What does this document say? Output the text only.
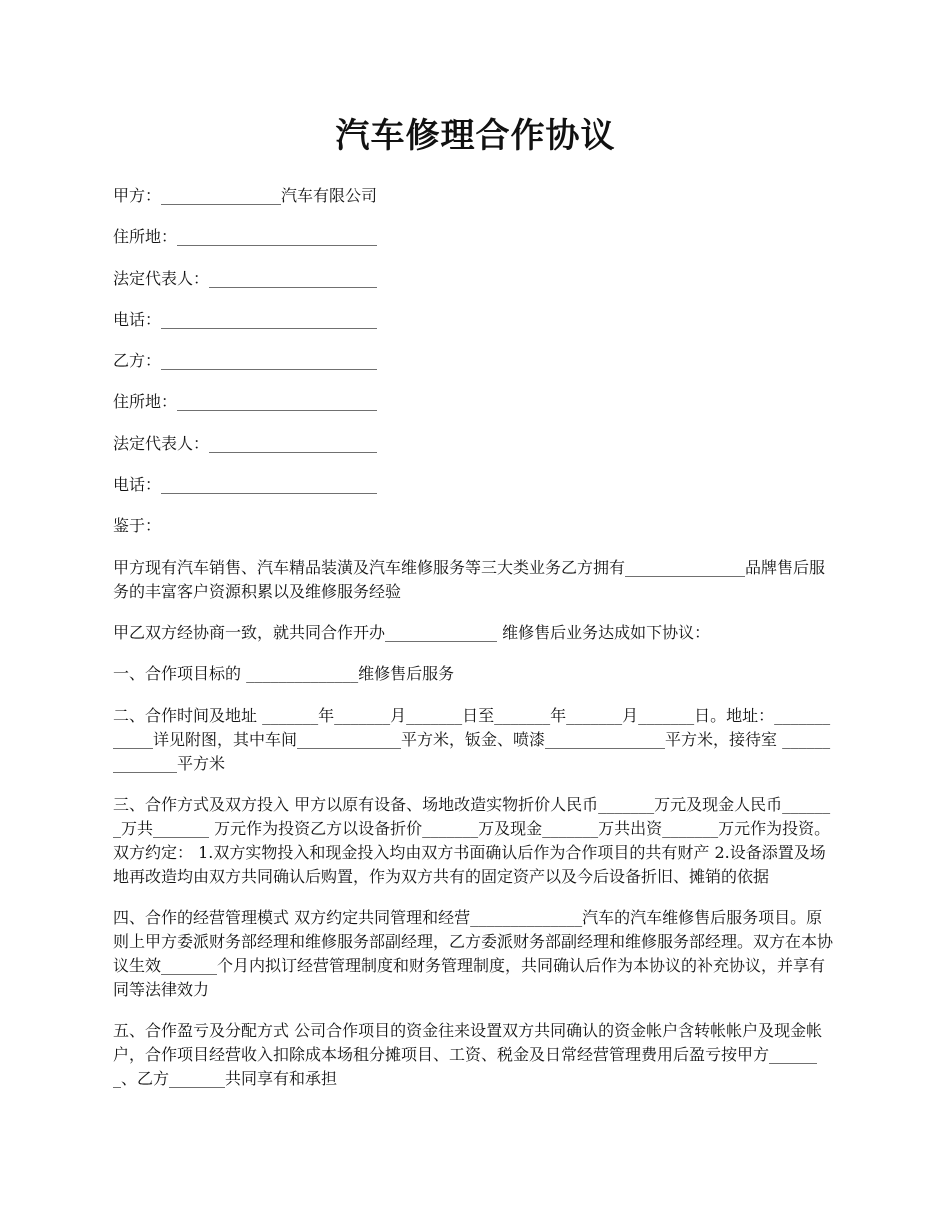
汽车修理合作协议

甲方：_______________汽车有限公司

住所地：_________________________

法定代表人：_____________________

电话：___________________________

乙方：___________________________

住所地：_________________________

法定代表人：_____________________

电话：___________________________

鉴于：

甲方现有汽车销售、汽车精品装潢及汽车维修服务等三大类业务乙方拥有_______________品牌售后服务的丰富客户资源积累以及维修服务经验

甲乙双方经协商一致，就共同合作开办______________ 维修售后业务达成如下协议：

一、合作项目标的 ______________维修售后服务

二、合作时间及地址 _______年_______月_______日至_______年_______月_______日。地址：____________详见附图，其中车间_____________平方米，钣金、喷漆_______________平方米，接待室 ______________平方米

三、合作方式及双方投入 甲方以原有设备、场地改造实物折价人民币_______万元及现金人民币_______万共_______ 万元作为投资乙方以设备折价_______万及现金_______万共出资_______万元作为投资。双方约定： 1.双方实物投入和现金投入均由双方书面确认后作为合作项目的共有财产 2.设备添置及场地再改造均由双方共同确认后购置，作为双方共有的固定资产以及今后设备折旧、摊销的依据

四、合作的经营管理模式 双方约定共同管理和经营______________汽车的汽车维修售后服务项目。原则上甲方委派财务部经理和维修服务部副经理，乙方委派财务部副经理和维修服务部经理。双方在本协议生效_______个月内拟订经营管理制度和财务管理制度，共同确认后作为本协议的补充协议，并享有同等法律效力

五、合作盈亏及分配方式 公司合作项目的资金往来设置双方共同确认的资金帐户含转帐帐户及现金帐户，合作项目经营收入扣除成本场租分摊项目、工资、税金及日常经营管理费用后盈亏按甲方_______、乙方_______共同享有和承担
